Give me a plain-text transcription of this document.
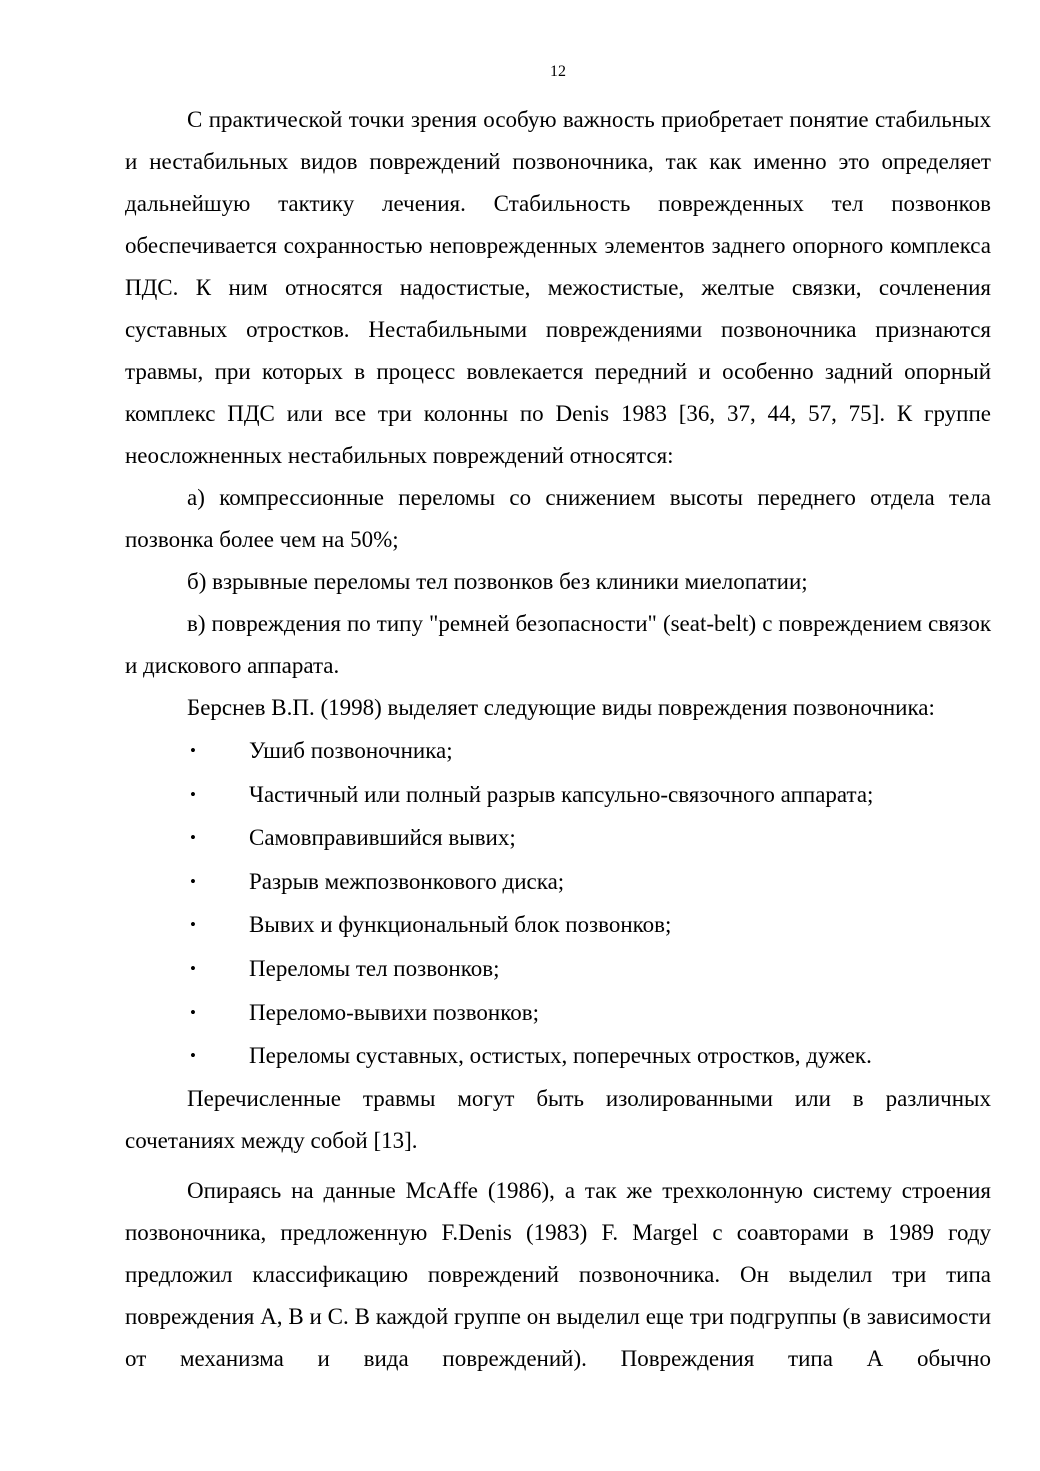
12

С практической точки зрения особую важность приобретает понятие стабильных и нестабильных видов повреждений позвоночника, так как именно это определяет дальнейшую тактику лечения. Стабильность поврежденных тел позвонков обеспечивается сохранностью неповрежденных элементов заднего опорного комплекса ПДС. К ним относятся надостистые, межостистые, желтые связки, сочленения суставных отростков. Нестабильными повреждениями позвоночника признаются травмы, при которых в процесс вовлекается передний и особенно задний опорный комплекс ПДС или все три колонны по Denis 1983 [36, 37, 44, 57, 75]. К группе неосложненных нестабильных повреждений относятся:

а) компрессионные переломы со снижением высоты переднего отдела тела позвонка более чем на 50%;

б) взрывные переломы тел позвонков без клиники миелопатии;

в) повреждения по типу "ремней безопасности" (seat-belt) с повреждением связок и дискового аппарата.

Берснев В.П. (1998) выделяет следующие виды повреждения позвоночника:

•	Ушиб позвоночника;
•	Частичный или полный разрыв капсульно-связочного аппарата;
•	Самовправившийся вывих;
•	Разрыв межпозвонкового диска;
•	Вывих и функциональный блок позвонков;
•	Переломы тел позвонков;
•	Переломо-вывихи позвонков;
•	Переломы суставных, остистых, поперечных отростков, дужек.

Перечисленные травмы могут быть изолированными или в различных сочетаниях между собой [13].

Опираясь на данные McAffe (1986), а так же трехколонную систему строения позвоночника, предложенную F.Denis (1983) F. Margel с соавторами в 1989 году предложил классификацию повреждений позвоночника. Он выделил три типа повреждения А, В и С. В каждой группе он выделил еще три подгруппы (в зависимости от механизма и вида повреждений). Повреждения типа А обычно
